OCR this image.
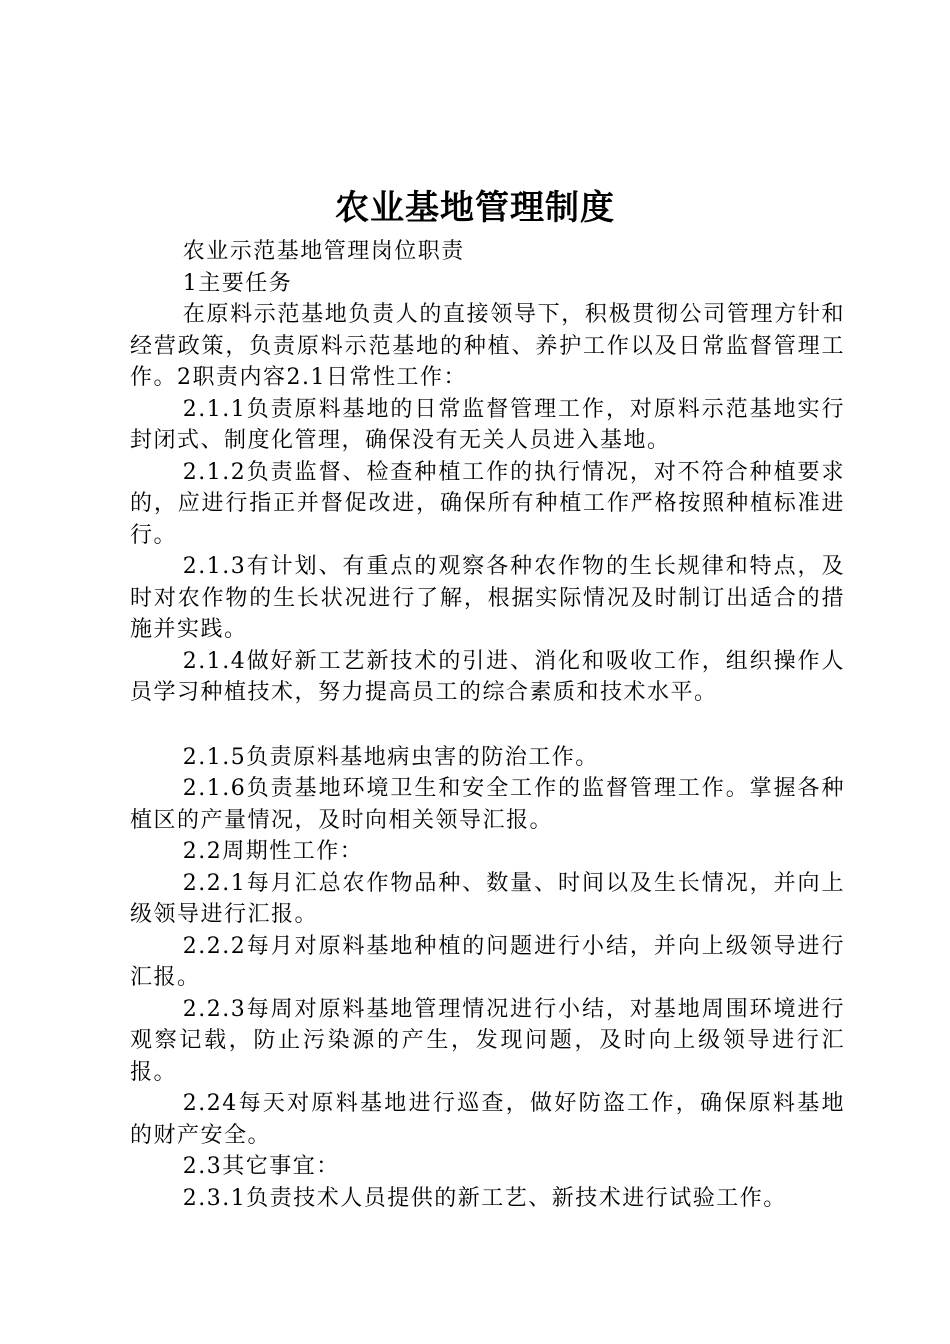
农业基地管理制度

农业示范基地管理岗位职责

1主要任务

在原料示范基地负责人的直接领导下，积极贯彻公司管理方针和经营政策，负责原料示范基地的种植、养护工作以及日常监督管理工作。2职责内容2.1日常性工作：

2.1.1负责原料基地的日常监督管理工作，对原料示范基地实行封闭式、制度化管理，确保没有无关人员进入基地。

2.1.2负责监督、检查种植工作的执行情况，对不符合种植要求的，应进行指正并督促改进，确保所有种植工作严格按照种植标准进行。

2.1.3有计划、有重点的观察各种农作物的生长规律和特点，及时对农作物的生长状况进行了解，根据实际情况及时制订出适合的措施并实践。

2.1.4做好新工艺新技术的引进、消化和吸收工作，组织操作人员学习种植技术，努力提高员工的综合素质和技术水平。

2.1.5负责原料基地病虫害的防治工作。

2.1.6负责基地环境卫生和安全工作的监督管理工作。掌握各种植区的产量情况，及时向相关领导汇报。

2.2周期性工作：

2.2.1每月汇总农作物品种、数量、时间以及生长情况，并向上级领导进行汇报。

2.2.2每月对原料基地种植的问题进行小结，并向上级领导进行汇报。

2.2.3每周对原料基地管理情况进行小结，对基地周围环境进行观察记载，防止污染源的产生，发现问题，及时向上级领导进行汇报。

2.24每天对原料基地进行巡查，做好防盗工作，确保原料基地的财产安全。

2.3其它事宜：

2.3.1负责技术人员提供的新工艺、新技术进行试验工作。
